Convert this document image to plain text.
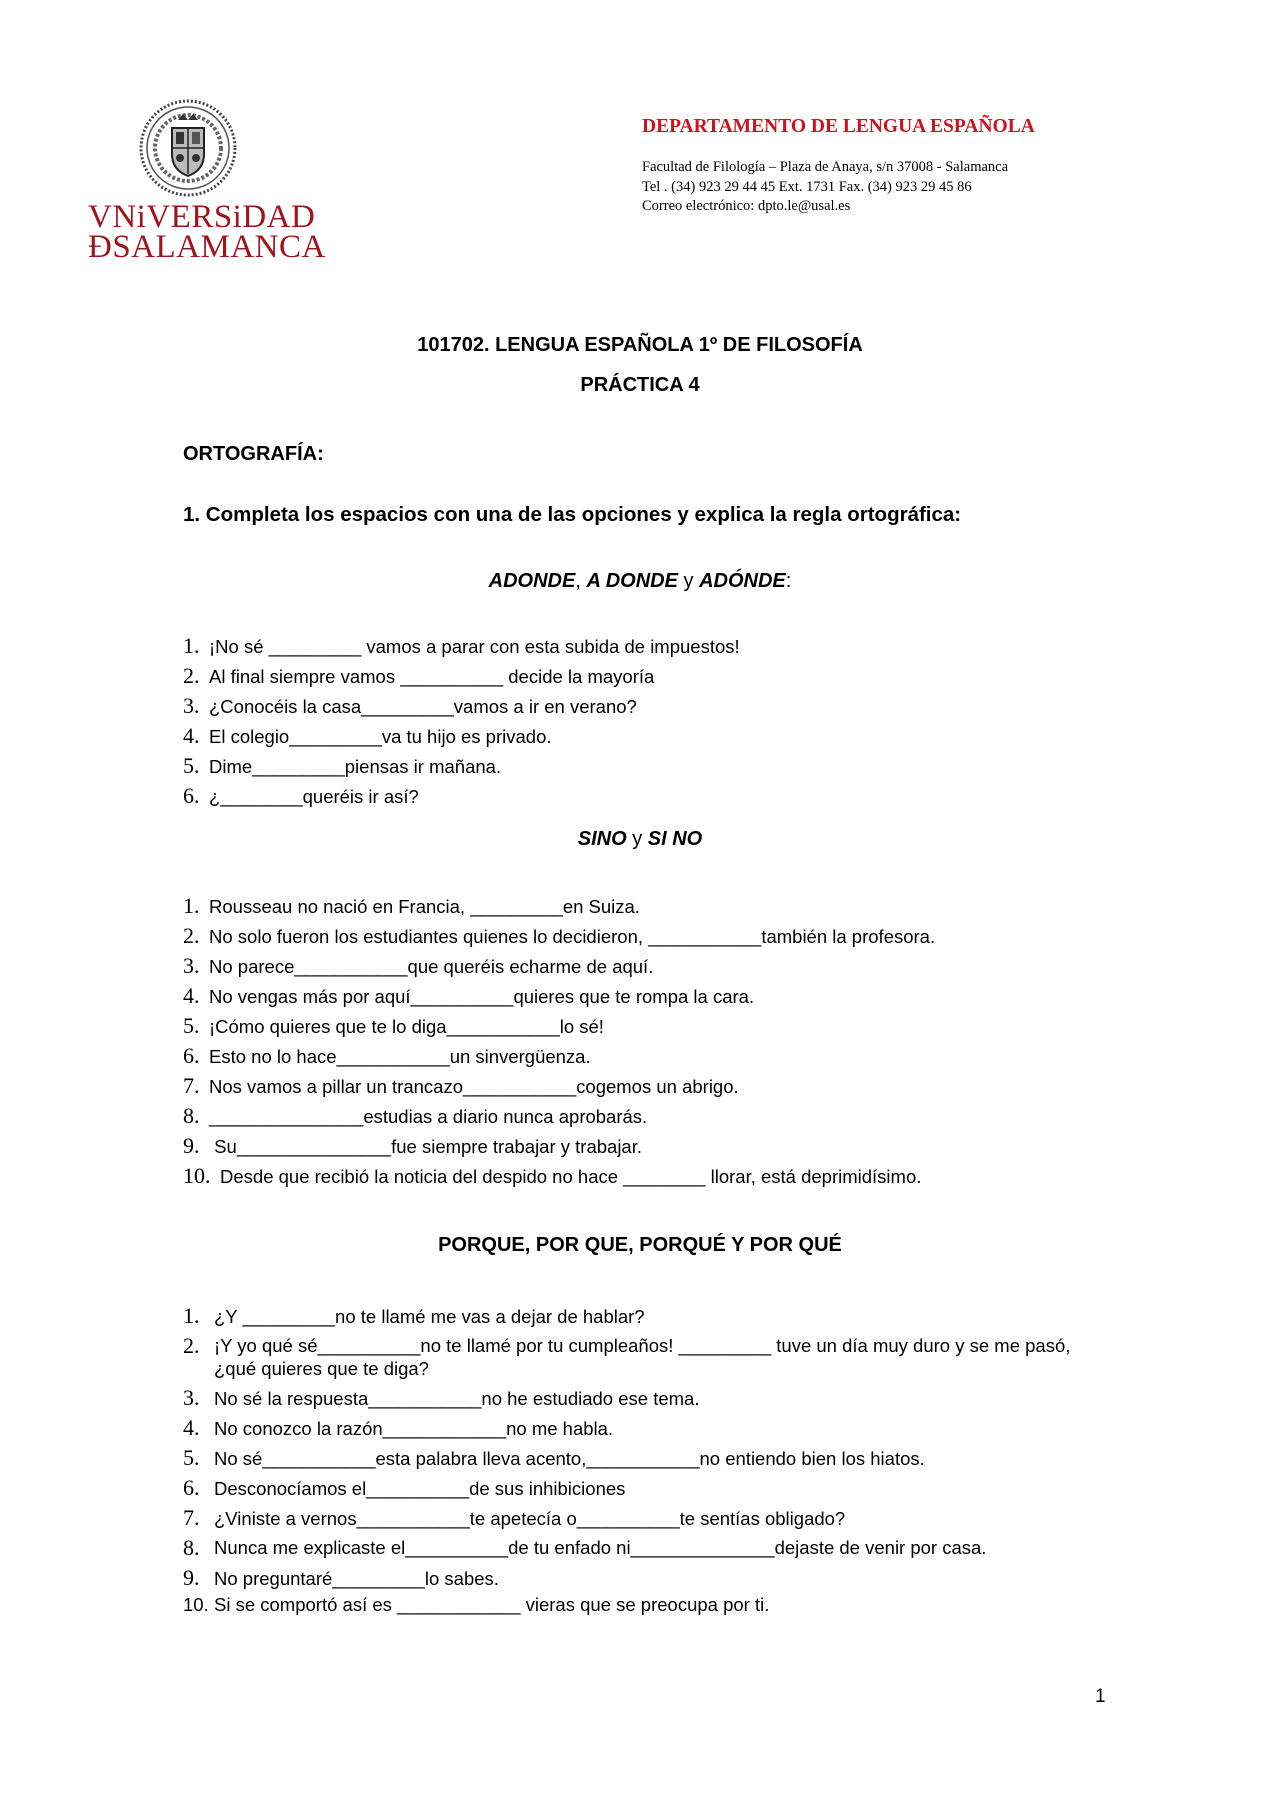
VNiVERSiDAD
ÐSALAMANCA
DEPARTAMENTO DE LENGUA ESPAÑOLA
Facultad de Filología – Plaza de Anaya, s/n 37008 - Salamanca
Tel . (34) 923 29 44 45 Ext. 1731 Fax. (34) 923 29 45 86
Correo electrónico: dpto.le@usal.es
101702. LENGUA ESPAÑOLA 1º DE FILOSOFÍA
PRÁCTICA 4
ORTOGRAFÍA:
1. Completa los espacios con una de las opciones y explica la regla ortográfica:
ADONDE, A DONDE y ADÓNDE:
1. ¡No sé _________ vamos a parar con esta subida de impuestos!
2. Al final siempre vamos __________ decide la mayoría
3. ¿Conocéis la casa_________vamos a ir en verano?
4. El colegio_________va tu hijo es privado.
5. Dime_________piensas ir mañana.
6. ¿________queréis ir así?
SINO y SI NO
1. Rousseau no nació en Francia, _________en Suiza.
2. No solo fueron los estudiantes quienes lo decidieron, ___________también la profesora.
3. No parece___________que queréis echarme de aquí.
4. No vengas más por aquí__________quieres que te rompa la cara.
5. ¡Cómo quieres que te lo diga___________lo sé!
6. Esto no lo hace___________un sinvergüenza.
7. Nos vamos a pillar un trancazo___________cogemos un abrigo.
8. _______________estudias a diario nunca aprobarás.
9. Su_______________fue siempre trabajar y trabajar.
10. Desde que recibió la noticia del despido no hace ________ llorar, está deprimidísimo.
PORQUE, POR QUE, PORQUÉ Y POR QUÉ
1. ¿Y _________no te llamé me vas a dejar de hablar?
2. ¡Y yo qué sé__________no te llamé por tu cumpleaños! _________ tuve un día muy duro y se me pasó, ¿qué quieres que te diga?
3. No sé la respuesta___________no he estudiado ese tema.
4. No conozco la razón____________no me habla.
5. No sé___________esta palabra lleva acento,___________no entiendo bien los hiatos.
6. Desconocíamos el__________de sus inhibiciones
7. ¿Viniste a vernos___________te apetecía o__________te sentías obligado?
8. Nunca me explicaste el__________de tu enfado ni______________dejaste de venir por casa.
9. No preguntaré_________lo sabes.
10. Si se comportó así es ____________ vieras que se preocupa por ti.
1
